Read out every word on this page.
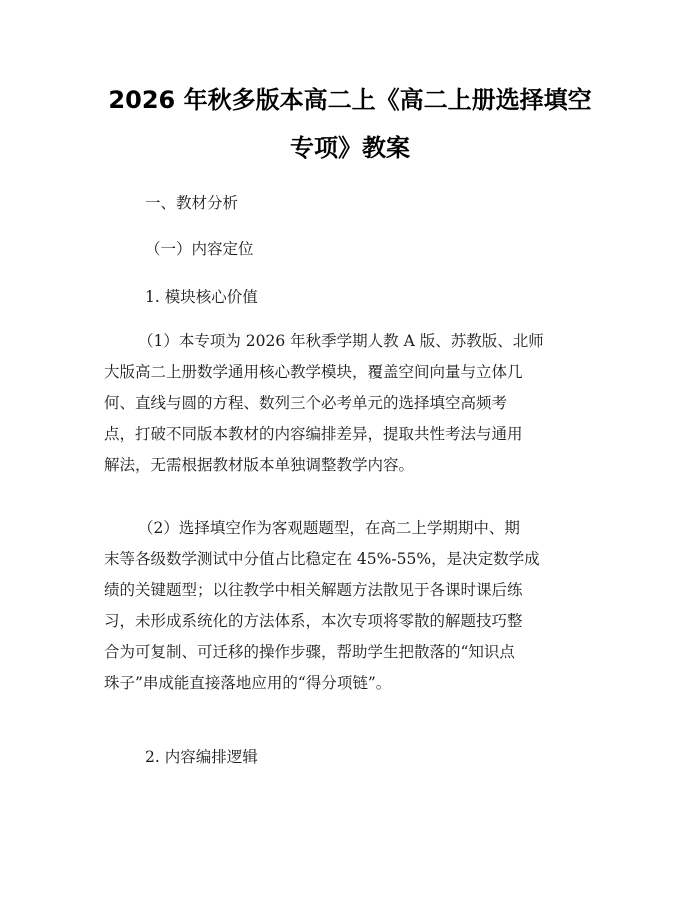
2026 年秋多版本高二上《高二上册选择填空
专项》教案
一、教材分析
（一）内容定位
1. 模块核心价值
（1）本专项为 2026 年秋季学期人教 A 版、苏教版、北师
大版高二上册数学通用核心教学模块，覆盖空间向量与立体几
何、直线与圆的方程、数列三个必考单元的选择填空高频考
点，打破不同版本教材的内容编排差异，提取共性考法与通用
解法，无需根据教材版本单独调整教学内容。
（2）选择填空作为客观题题型，在高二上学期期中、期
末等各级数学测试中分值占比稳定在 45%-55%，是决定数学成
绩的关键题型；以往教学中相关解题方法散见于各课时课后练
习，未形成系统化的方法体系，本次专项将零散的解题技巧整
合为可复制、可迁移的操作步骤，帮助学生把散落的“知识点
珠子”串成能直接落地应用的“得分项链”。
2. 内容编排逻辑
